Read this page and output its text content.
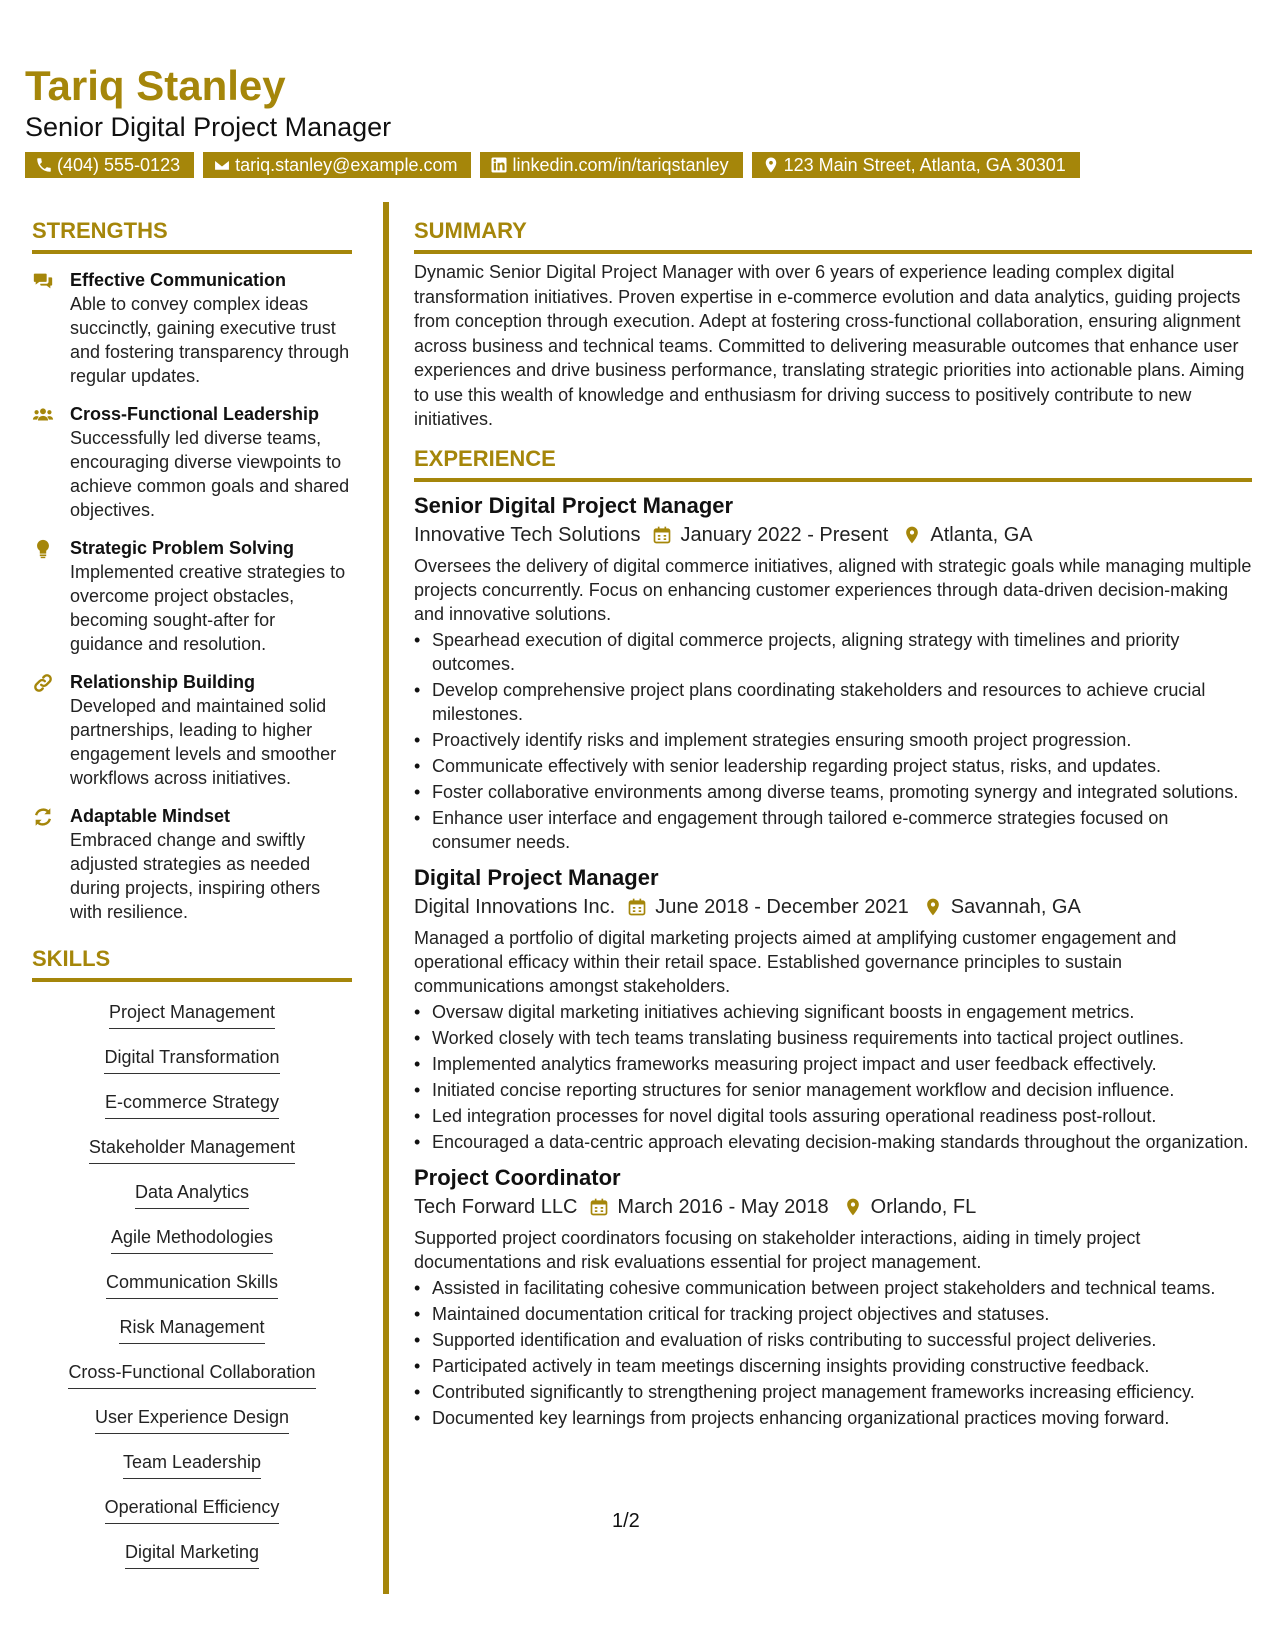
Tariq Stanley
Senior Digital Project Manager
(404) 555-0123	tariq.stanley@example.com	linkedin.com/in/tariqstanley	123 Main Street, Atlanta, GA 30301
STRENGTHS
Effective Communication
Able to convey complex ideas succinctly, gaining executive trust and fostering transparency through regular updates.
Cross-Functional Leadership
Successfully led diverse teams, encouraging diverse viewpoints to achieve common goals and shared objectives.
Strategic Problem Solving
Implemented creative strategies to overcome project obstacles, becoming sought-after for guidance and resolution.
Relationship Building
Developed and maintained solid partnerships, leading to higher engagement levels and smoother workflows across initiatives.
Adaptable Mindset
Embraced change and swiftly adjusted strategies as needed during projects, inspiring others with resilience.
SKILLS
Project Management
Digital Transformation
E-commerce Strategy
Stakeholder Management
Data Analytics
Agile Methodologies
Communication Skills
Risk Management
Cross-Functional Collaboration
User Experience Design
Team Leadership
Operational Efficiency
Digital Marketing
SUMMARY
Dynamic Senior Digital Project Manager with over 6 years of experience leading complex digital transformation initiatives. Proven expertise in e-commerce evolution and data analytics, guiding projects from conception through execution. Adept at fostering cross-functional collaboration, ensuring alignment across business and technical teams. Committed to delivering measurable outcomes that enhance user experiences and drive business performance, translating strategic priorities into actionable plans. Aiming to use this wealth of knowledge and enthusiasm for driving success to positively contribute to new initiatives.
EXPERIENCE
Senior Digital Project Manager
Innovative Tech Solutions January 2022 - Present Atlanta, GA
Oversees the delivery of digital commerce initiatives, aligned with strategic goals while managing multiple projects concurrently. Focus on enhancing customer experiences through data-driven decision-making and innovative solutions.
• Spearhead execution of digital commerce projects, aligning strategy with timelines and priority outcomes.
• Develop comprehensive project plans coordinating stakeholders and resources to achieve crucial milestones.
• Proactively identify risks and implement strategies ensuring smooth project progression.
• Communicate effectively with senior leadership regarding project status, risks, and updates.
• Foster collaborative environments among diverse teams, promoting synergy and integrated solutions.
• Enhance user interface and engagement through tailored e-commerce strategies focused on consumer needs.
Digital Project Manager
Digital Innovations Inc. June 2018 - December 2021 Savannah, GA
Managed a portfolio of digital marketing projects aimed at amplifying customer engagement and operational efficacy within their retail space. Established governance principles to sustain communications amongst stakeholders.
• Oversaw digital marketing initiatives achieving significant boosts in engagement metrics.
• Worked closely with tech teams translating business requirements into tactical project outlines.
• Implemented analytics frameworks measuring project impact and user feedback effectively.
• Initiated concise reporting structures for senior management workflow and decision influence.
• Led integration processes for novel digital tools assuring operational readiness post-rollout.
• Encouraged a data-centric approach elevating decision-making standards throughout the organization.
Project Coordinator
Tech Forward LLC March 2016 - May 2018 Orlando, FL
Supported project coordinators focusing on stakeholder interactions, aiding in timely project documentations and risk evaluations essential for project management.
• Assisted in facilitating cohesive communication between project stakeholders and technical teams.
• Maintained documentation critical for tracking project objectives and statuses.
• Supported identification and evaluation of risks contributing to successful project deliveries.
• Participated actively in team meetings discerning insights providing constructive feedback.
• Contributed significantly to strengthening project management frameworks increasing efficiency.
• Documented key learnings from projects enhancing organizational practices moving forward.
1/2
